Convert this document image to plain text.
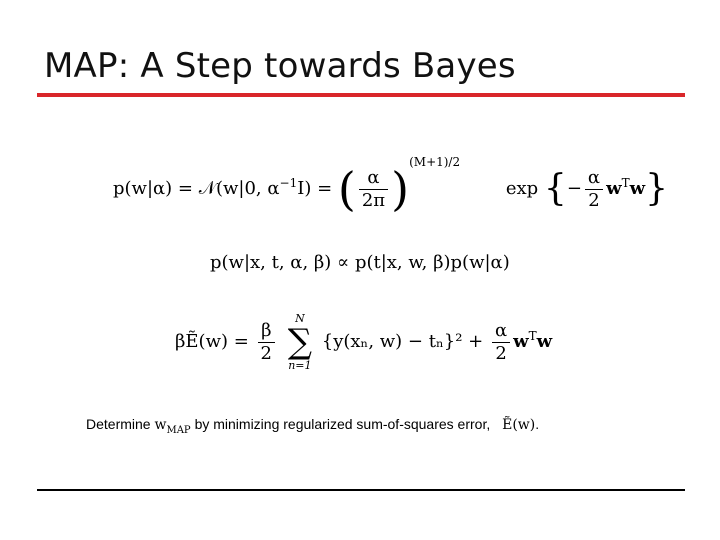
MAP: A Step towards Bayes
p(w|α) = 𝒩(w|0, $\alpha^{-1}I$) = ( $\frac{\alpha}{2\pi} )^{(M+1)/2}$ exp {− $\frac{\alpha}{2} w^Tw$}
p(w|x, t, α, β) ∝ p(t|x, w, β)p(w|α)
βẼ(w) = $\frac{\beta}{2}$

N
∑
n=1
{y(xₙ, $w) - t_n\}^2 + \frac{\alpha}{2} w^Tw$
Determine $w_{MAP}$ by minimizing regularized sum-of-squares error, Ẽ(w).
